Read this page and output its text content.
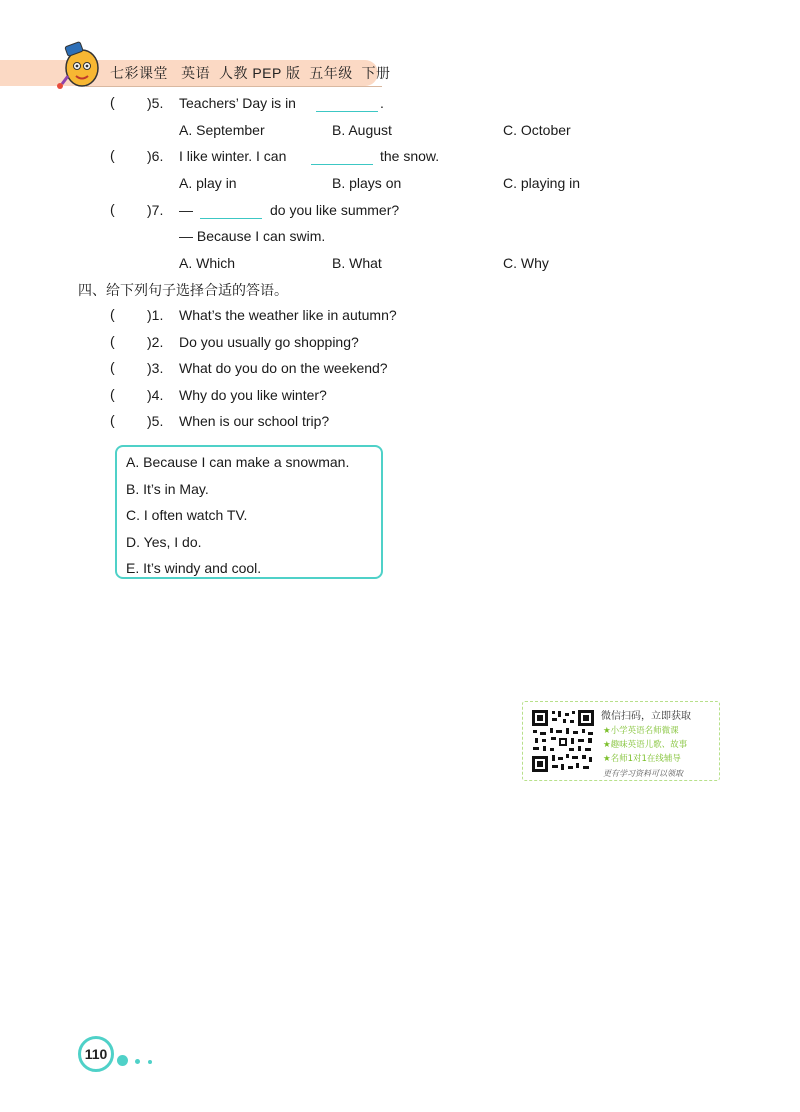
七彩课堂   英语  人教 PEP 版  五年级  下册
( )5. Teachers’ Day is in	.
A. September	B. August	C. October
( )6. I like winter. I can	the snow.
A. play in	B. plays on	C. playing in
( )7. —	do you like summer?
— Because I can swim.
A. Which	B. What	C. Why
四、给下列句子选择合适的答语。
( )1. What’s the weather like in autumn?
( )2. Do you usually go shopping?
( )3. What do you do on the weekend?
( )4. Why do you like winter?
( )5. When is our school trip?
A. Because I can make a snowman.
B. It’s in May.
C. I often watch TV.
D. Yes, I do.
E. It’s windy and cool.
微信扫码，立即获取
★小学英语名师微课
★趣味英语儿歌、故事
★名师1对1在线辅导
更有学习资料可以领取
110
